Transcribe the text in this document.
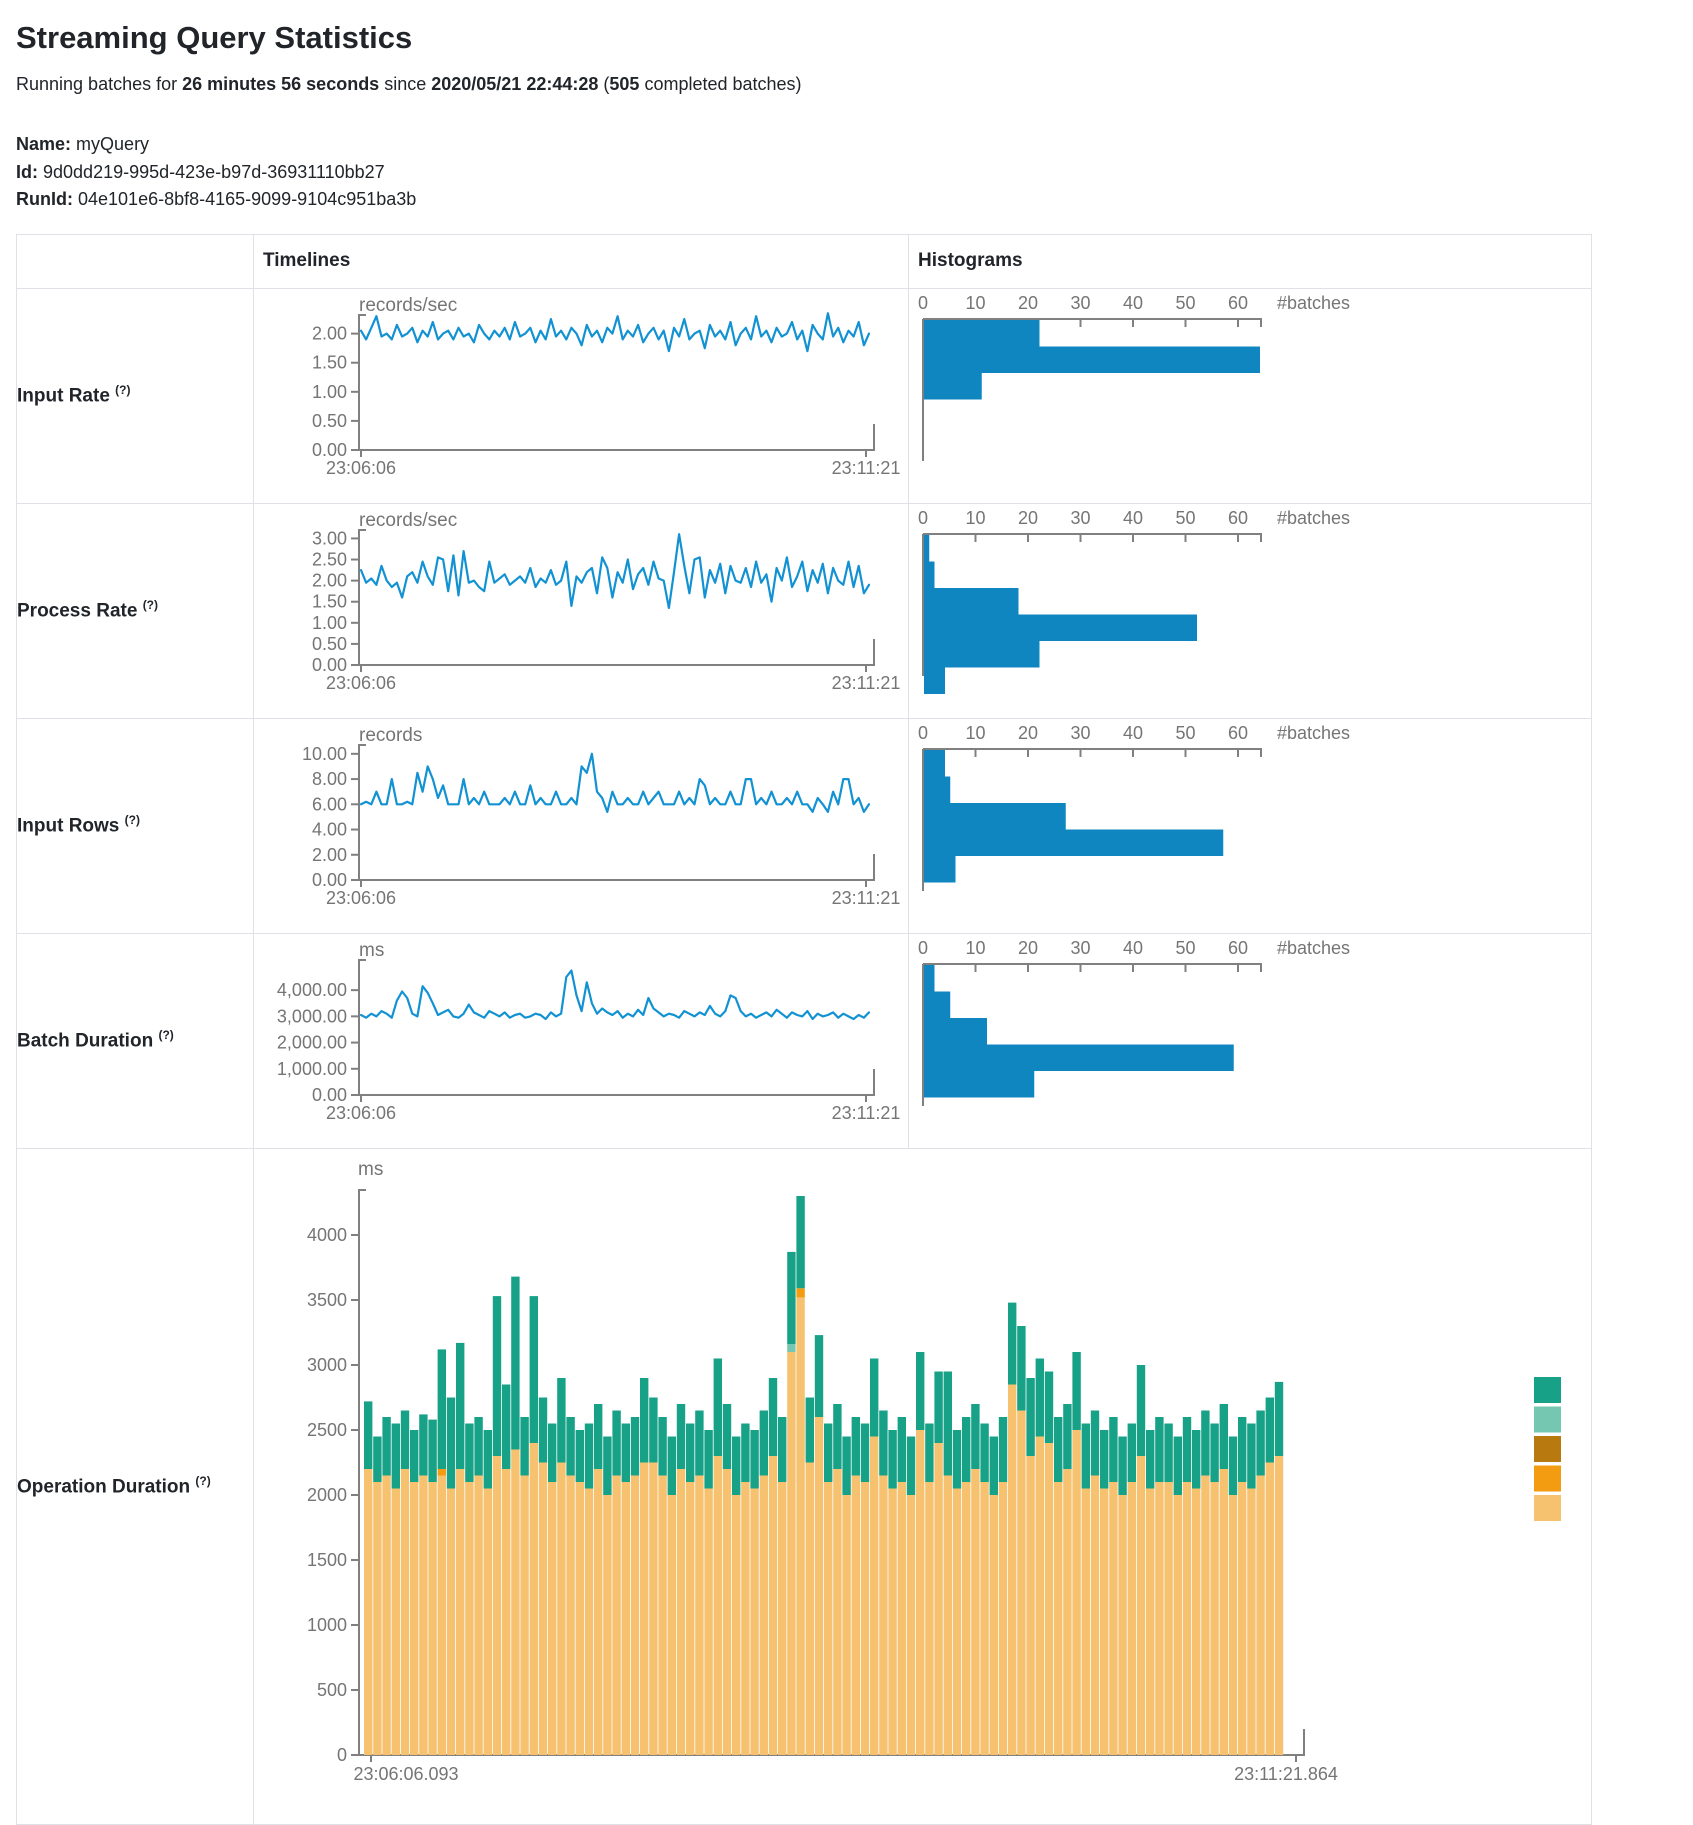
Streaming Query Statistics

Running batches for 26 minutes 56 seconds since 2020/05/21 22:44:28 (505 completed batches)

Name: myQuery
Id: 9d0dd219-995d-423e-b97d-36931110bb27
RunId: 04e101e6-8bf8-4165-9099-9104c951ba3b
	Timelines	Histograms
Input Rate (?)	
records/sec
0.00
0.50
1.00
1.50
2.00
23:06:06	23:11:21

0 10 20 30 40 50 60 #batches

Process Rate (?)	
records/sec
0.00
0.50
1.00
1.50
2.00
2.50
3.00
23:06:06	23:11:21

0 10 20 30 40 50 60 #batches

Input Rows (?)	
records
0.00
2.00
4.00
6.00
8.00
10.00
23:06:06	23:11:21

0 10 20 30 40 50 60 #batches

Batch Duration (?)	
ms
0.00
1,000.00
2,000.00
3,000.00
4,000.00
23:06:06	23:11:21

0 10 20 30 40 50 60 #batches

Operation Duration (?)	
ms
0
500
1000
1500
2000
2500
3000
3500
4000
23:06:06.093	23:11:21.864
